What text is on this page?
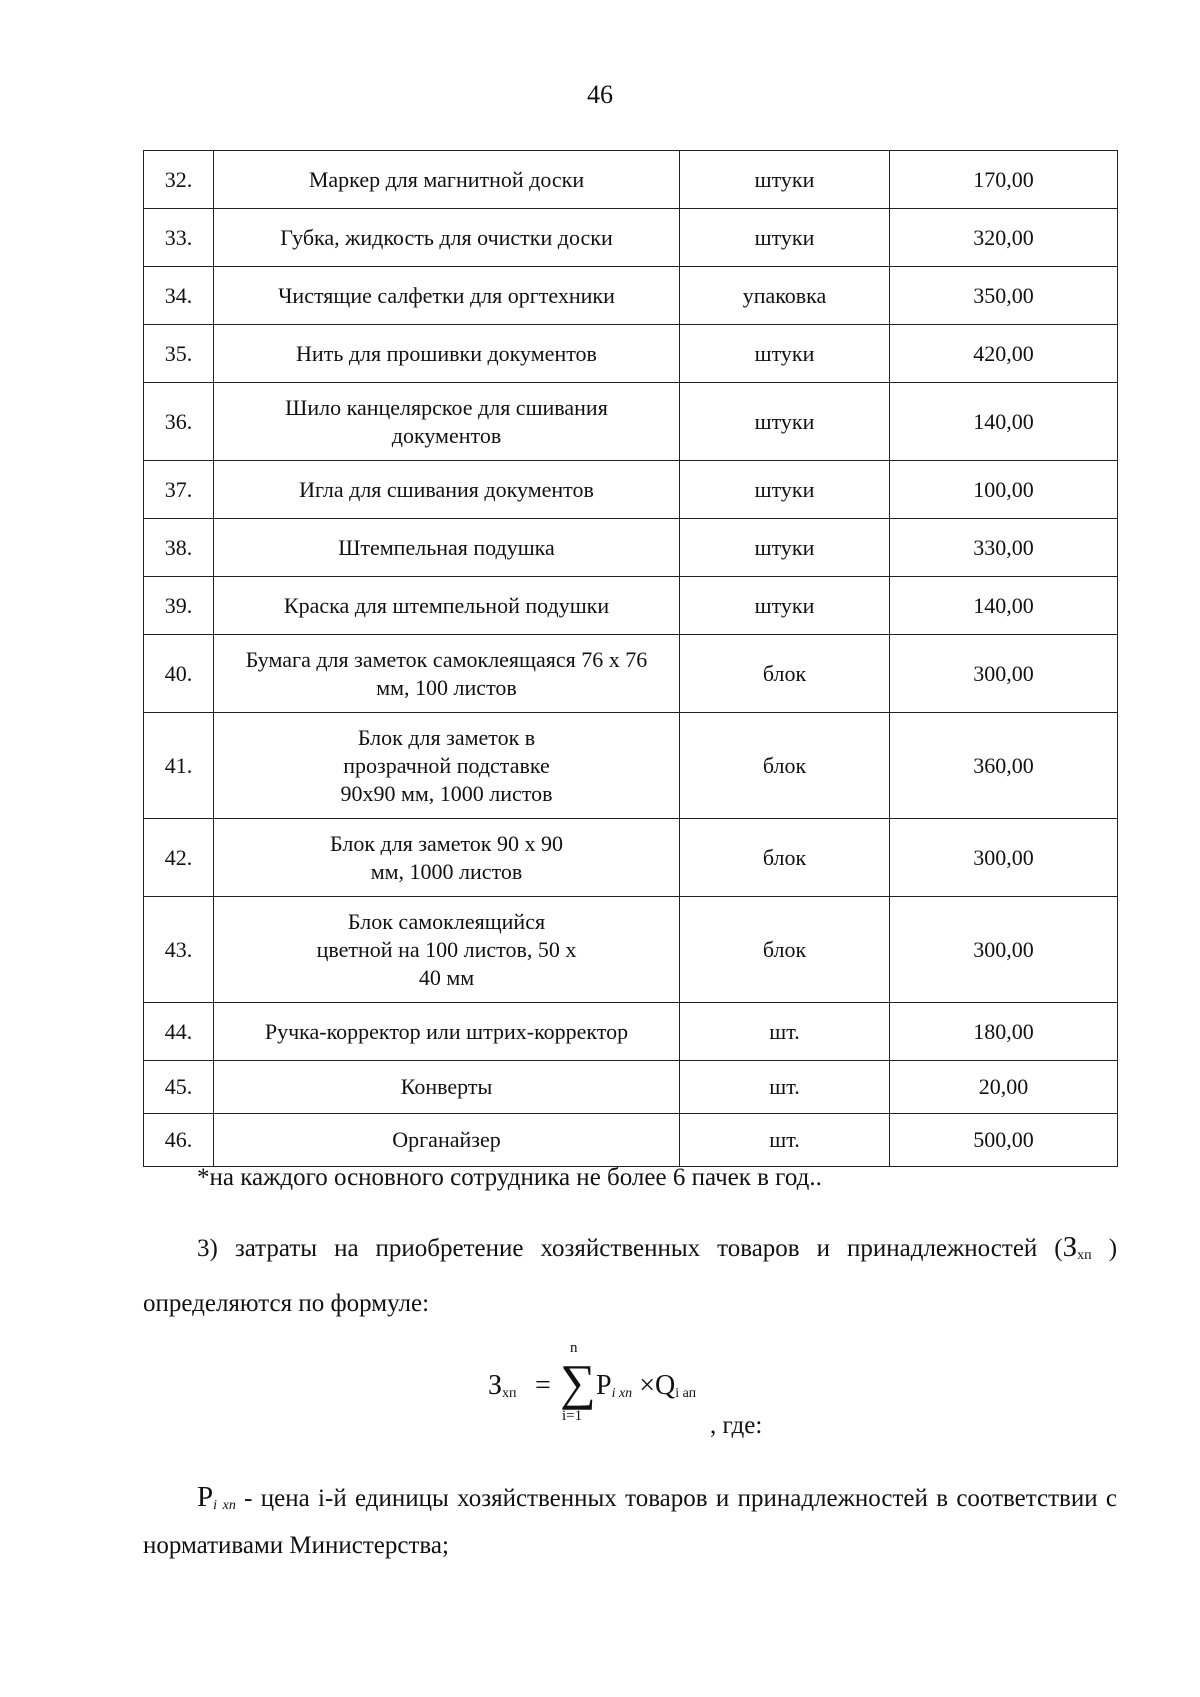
46
32.	Маркер для магнитной доски	штуки	170,00
33.	Губка, жидкость для очистки доски	штуки	320,00
34.	Чистящие салфетки для оргтехники	упаковка	350,00
35.	Нить для прошивки документов	штуки	420,00
36.	Шило канцелярское для сшивания
документов	штуки	140,00
37.	Игла для сшивания документов	штуки	100,00
38.	Штемпельная подушка	штуки	330,00
39.	Краска для штемпельной подушки	штуки	140,00
40.	Бумага для заметок самоклеящаяся 76 х 76
мм, 100 листов	блок	300,00
41.	Блок для заметок в
прозрачной подставке
90х90 мм, 1000 листов	блок	360,00
42.	Блок для заметок 90 х 90
мм, 1000 листов	блок	300,00
43.	Блок самоклеящийся
цветной на 100 листов, 50 х
40 мм	блок	300,00
44.	Ручка-корректор или штрих-корректор	шт.	180,00
45.	Конверты	шт.	20,00
46.	Органайзер	шт.	500,00
*на каждого основного сотрудника не более 6 пачек в год..
3) затраты на приобретение хозяйственных товаров и принадлежностей ($З_{хп}$ ) определяются по формуле:
$З_{хп}$ =
n
∑
i=1
Pi xп $\times Q_{i ап}$
, где:
Pi xп - цена i-й единицы хозяйственных товаров и принадлежностей в соответствии с нормативами Министерства;
